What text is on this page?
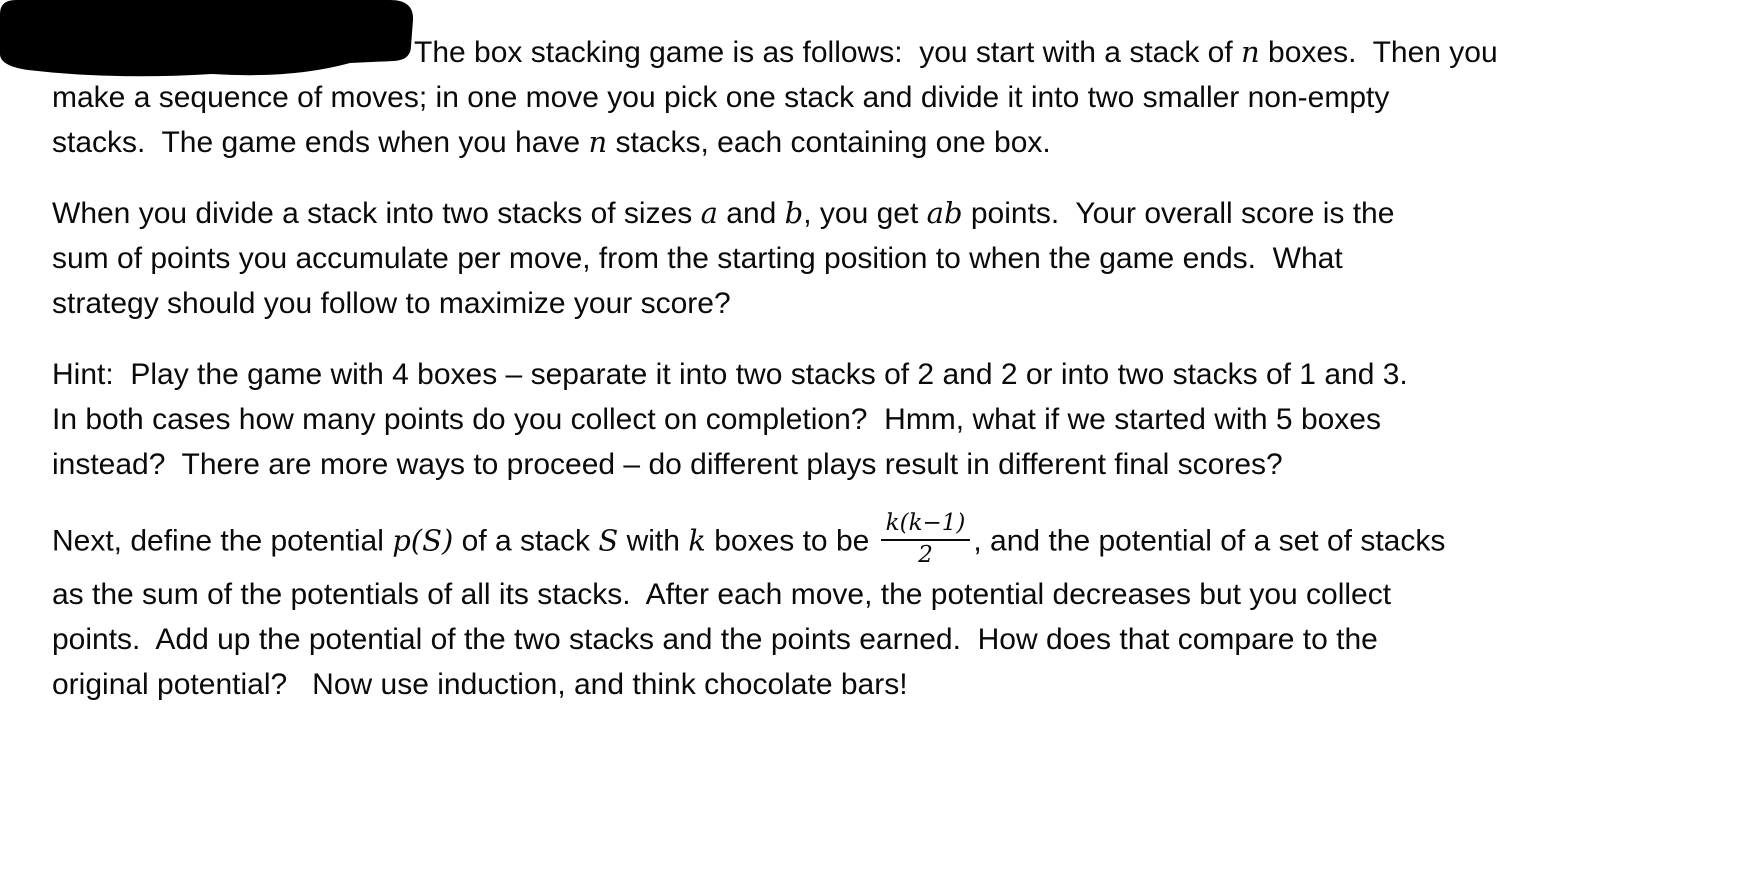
The box stacking game is as follows:  you start with a stack of n boxes.  Then you
make a sequence of moves; in one move you pick one stack and divide it into two smaller non-empty
stacks.  The game ends when you have n stacks, each containing one box.
When you divide a stack into two stacks of sizes a and b, you get ab points.  Your overall score is the
sum of points you accumulate per move, from the starting position to when the game ends.  What
strategy should you follow to maximize your score?
Hint:  Play the game with 4 boxes – separate it into two stacks of 2 and 2 or into two stacks of 1 and 3.
In both cases how many points do you collect on completion?  Hmm, what if we started with 5 boxes
instead?  There are more ways to proceed – do different plays result in different final scores?
Next, define the potential p(S) of a stack S with k boxes to be $\frac{k(k-1)}{2}$ , and the potential of a set of stacks
as the sum of the potentials of all its stacks.  After each move, the potential decreases but you collect
points.  Add up the potential of the two stacks and the points earned.  How does that compare to the
original potential?   Now use induction, and think chocolate bars!
